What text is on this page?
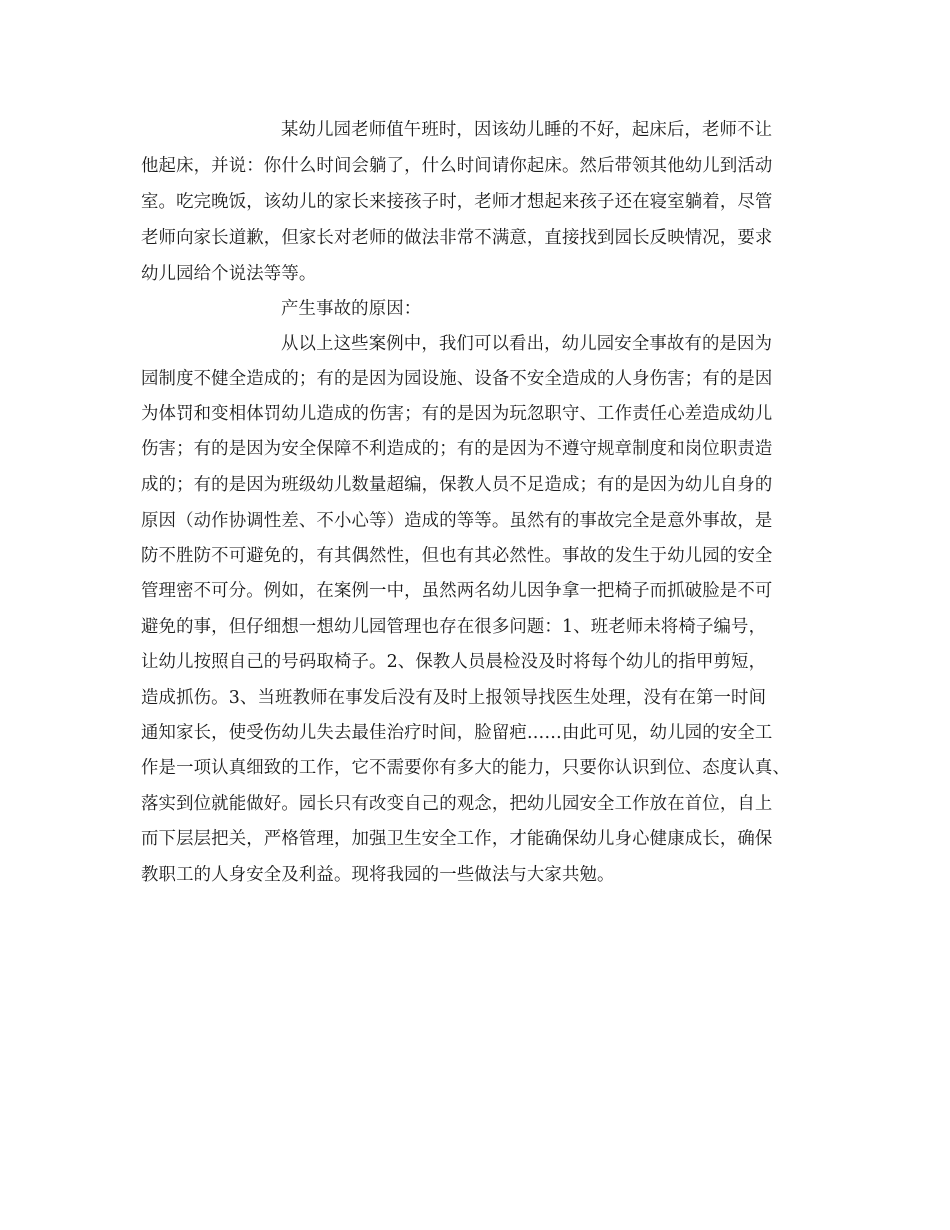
某幼儿园老师值午班时，因该幼儿睡的不好，起床后，老师不让
他起床，并说：你什么时间会躺了，什么时间请你起床。然后带领其他幼儿到活动
室。吃完晚饭，该幼儿的家长来接孩子时，老师才想起来孩子还在寝室躺着，尽管
老师向家长道歉，但家长对老师的做法非常不满意，直接找到园长反映情况，要求
幼儿园给个说法等等。
产生事故的原因：
从以上这些案例中，我们可以看出，幼儿园安全事故有的是因为
园制度不健全造成的；有的是因为园设施、设备不安全造成的人身伤害；有的是因
为体罚和变相体罚幼儿造成的伤害；有的是因为玩忽职守、工作责任心差造成幼儿
伤害；有的是因为安全保障不利造成的；有的是因为不遵守规章制度和岗位职责造
成的；有的是因为班级幼儿数量超编，保教人员不足造成；有的是因为幼儿自身的
原因（动作协调性差、不小心等）造成的等等。虽然有的事故完全是意外事故，是
防不胜防不可避免的，有其偶然性，但也有其必然性。事故的发生于幼儿园的安全
管理密不可分。例如，在案例一中，虽然两名幼儿因争拿一把椅子而抓破脸是不可
避免的事，但仔细想一想幼儿园管理也存在很多问题：1、班老师未将椅子编号，
让幼儿按照自己的号码取椅子。2、保教人员晨检没及时将每个幼儿的指甲剪短，
造成抓伤。3、当班教师在事发后没有及时上报领导找医生处理，没有在第一时间
通知家长，使受伤幼儿失去最佳治疗时间，脸留疤……由此可见，幼儿园的安全工
作是一项认真细致的工作，它不需要你有多大的能力，只要你认识到位、态度认真、
落实到位就能做好。园长只有改变自己的观念，把幼儿园安全工作放在首位，自上
而下层层把关，严格管理，加强卫生安全工作，才能确保幼儿身心健康成长，确保
教职工的人身安全及利益。现将我园的一些做法与大家共勉。
